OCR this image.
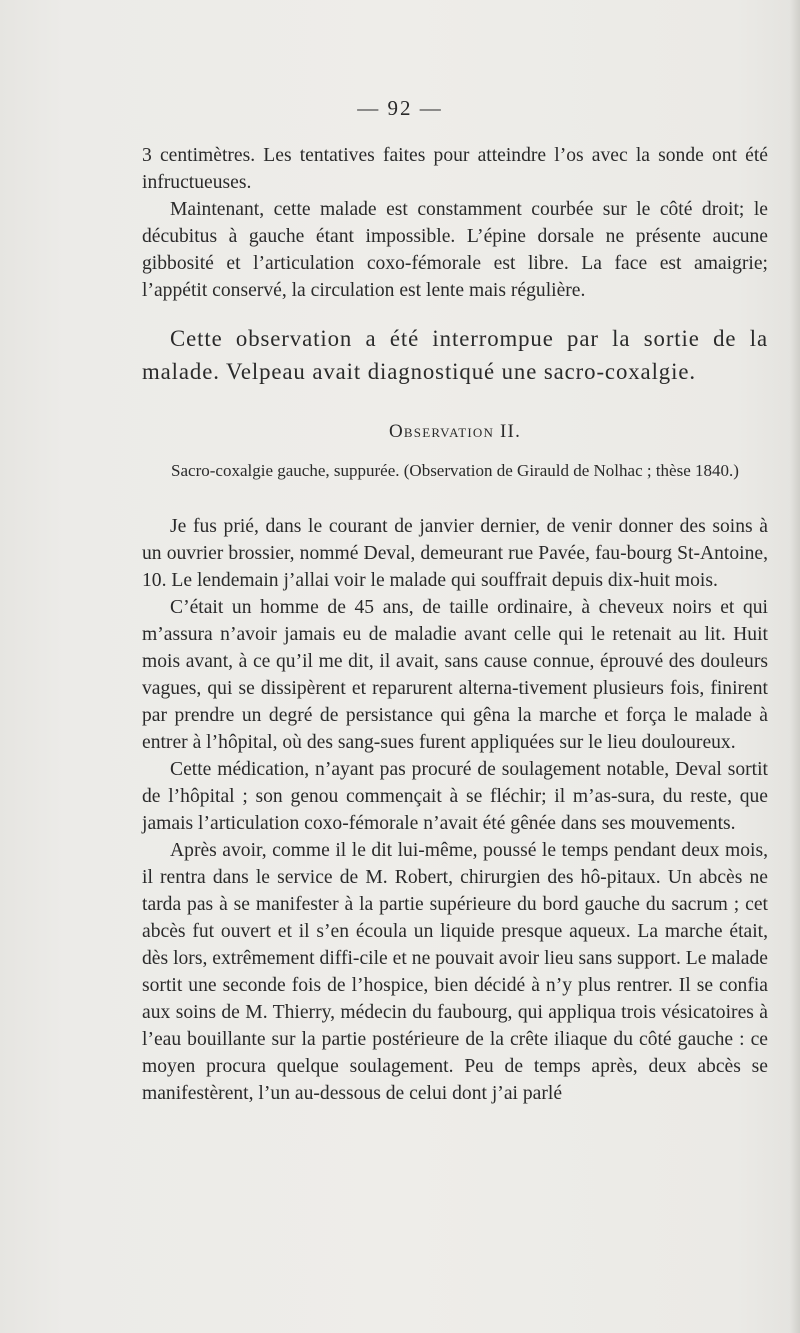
— 92 —

3 centimètres. Les tentatives faites pour atteindre l’os avec la sonde ont été infructueuses.

Maintenant, cette malade est constamment courbée sur le côté droit; le décubitus à gauche étant impossible. L’épine dorsale ne présente aucune gibbosité et l’articulation coxo-fémorale est libre. La face est amaigrie; l’appétit conservé, la circulation est lente mais régulière.

Cette observation a été interrompue par la sortie de la malade. Velpeau avait diagnostiqué une sacro-coxalgie.

Observation II.

Sacro-coxalgie gauche, suppurée. (Observation de Girauld de Nolhac ; thèse 1840.)

Je fus prié, dans le courant de janvier dernier, de venir donner des soins à un ouvrier brossier, nommé Deval, demeurant rue Pavée, fau-bourg St-Antoine, 10. Le lendemain j’allai voir le malade qui souffrait depuis dix-huit mois.

C’était un homme de 45 ans, de taille ordinaire, à cheveux noirs et qui m’assura n’avoir jamais eu de maladie avant celle qui le retenait au lit. Huit mois avant, à ce qu’il me dit, il avait, sans cause connue, éprouvé des douleurs vagues, qui se dissipèrent et reparurent alterna-tivement plusieurs fois, finirent par prendre un degré de persistance qui gêna la marche et força le malade à entrer à l’hôpital, où des sang-sues furent appliquées sur le lieu douloureux.

Cette médication, n’ayant pas procuré de soulagement notable, Deval sortit de l’hôpital ; son genou commençait à se fléchir; il m’as-sura, du reste, que jamais l’articulation coxo-fémorale n’avait été gênée dans ses mouvements.

Après avoir, comme il le dit lui-même, poussé le temps pendant deux mois, il rentra dans le service de M. Robert, chirurgien des hô-pitaux. Un abcès ne tarda pas à se manifester à la partie supérieure du bord gauche du sacrum ; cet abcès fut ouvert et il s’en écoula un liquide presque aqueux. La marche était, dès lors, extrêmement diffi-cile et ne pouvait avoir lieu sans support. Le malade sortit une seconde fois de l’hospice, bien décidé à n’y plus rentrer. Il se confia aux soins de M. Thierry, médecin du faubourg, qui appliqua trois vésicatoires à l’eau bouillante sur la partie postérieure de la crête iliaque du côté gauche : ce moyen procura quelque soulagement. Peu de temps après, deux abcès se manifestèrent, l’un au-dessous de celui dont j’ai parlé
